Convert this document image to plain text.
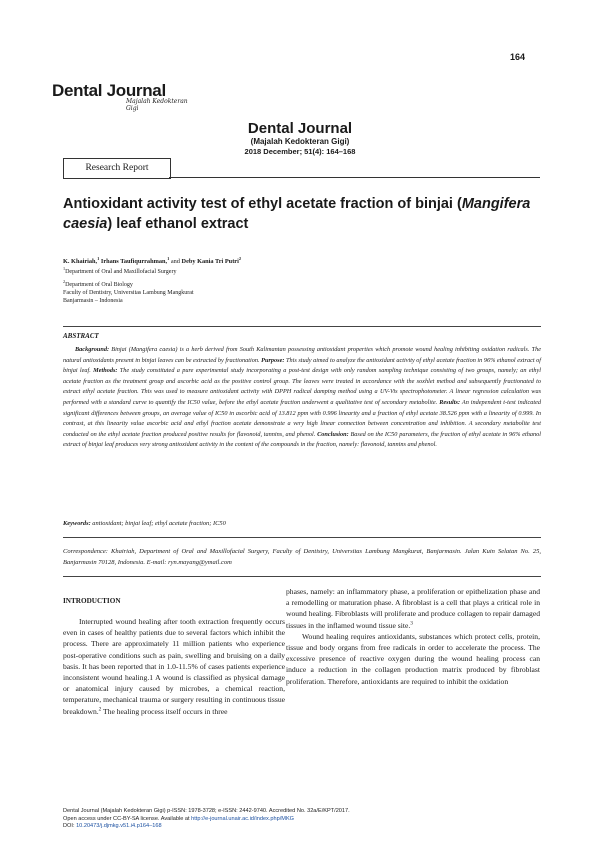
164
Dental Journal
Majalah Kedokteran Gigi
Dental Journal
(Majalah Kedokteran Gigi)
2018 December; 51(4): 164–168
Research Report
Antioxidant activity test of ethyl acetate fraction of binjai (Mangifera caesia) leaf ethanol extract
K. Khairiah,$^1$ Irhans Taufiqurrahman,$^1$ and Deby Kania Tri Putri$^2$
$^1$Department of Oral and Maxillofacial Surgery
$^2$Department of Oral Biology
Faculty of Dentistry, Universitas Lambung Mangkurat
Banjarmasin – Indonesia
ABSTRACT
Background: Binjai (Mangifera caesia) is a herb derived from South Kalimantan possessing antioxidant properties which promote wound healing inhibiting oxidation radicals. The natural antioxidants present in binjai leaves can be extracted by fractionation. Purpose: This study aimed to analyze the antioxidant activity of ethyl acetate fraction in 96% ethanol extract of binjai leaf. Methods: The study constituted a pure experimental study incorporating a post-test design with only random sampling technique consisting of two groups, namely; an ethyl acetate fraction as the treatment group and ascorbic acid as the positive control group. The leaves were treated in accordance with the soxhlet method and subsequently fractionated to extract ethyl acetate fraction. This was used to measure antioxidant activity with DPPH radical damping method using a UV-Vis spectrophotometer. A linear regression calculation was performed with a standard curve to quantify the IC50 value, before the ethyl acetate fraction underwent a qualitative test of secondary metabolite. Results: An independent t-test indicated significant differences between groups, an average value of IC50 in ascorbic acid of 13.812 ppm with 0.996 linearity and a fraction of ethyl acetate 38.526 ppm with a linearity of 0.999. In contrast, at this linearity value ascorbic acid and ethyl fraction acetate demonstrate a very high linear connection between concentration and inhibition. A secondary metabolite test conducted on the ethyl acetate fraction produced positive results for flavonoid, tannins, and phenol. Conclusion: Based on the IC50 parameters, the fraction of ethyl acetate in 96% ethanol extract of binjai leaf produces very strong antioxidant activity in the content of the compounds in the fraction, namely: flavonoid, tannins and phenol.
Keywords: antioxidant; binjai leaf; ethyl acetate fraction; IC50
Correspondence: Khairiah, Department of Oral and Maxillofacial Surgery, Faculty of Dentistry, Universitas Lambung Mangkurat, Banjarmasin. Jalan Kuin Selatan No. 25, Banjarmasin 70128, Indonesia. E-mail: ryn.mayang@ymail.com
INTRODUCTION

Interrupted wound healing after tooth extraction frequently occurs even in cases of healthy patients due to several factors which inhibit the process. There are approximately 11 million patients who experience post-operative conditions such as pain, swelling and bruising on a daily basis. It has been reported that in 1.0-11.5% of cases patients experience inconsistent wound healing.1 A wound is classified as physical damage or anatomical injury caused by microbes, a chemical reaction, temperature, mechanical trauma or surgery resulting in continuous tissue breakdown.$^2$ The healing process itself occurs in three

phases, namely: an inflammatory phase, a proliferation or epithelization phase and a remodelling or maturation phase. A fibroblast is a cell that plays a critical role in wound healing. Fibroblasts will proliferate and produce collagen to repair damaged tissues in the inflamed wound tissue site.$^3$

Wound healing requires antioxidants, substances which protect cells, protein, tissue and body organs from free radicals in order to accelerate the process. The excessive presence of reactive oxygen during the wound healing process can induce a reduction in the collagen production matrix produced by fibroblast proliferation. Therefore, antioxidants are required to inhibit the oxidation

Dental Journal (Majalah Kedokteran Gigi) p-ISSN: 1978-3728; e-ISSN: 2442-9740. Accredited No. 32a/E/KPT/2017.
Open access under CC-BY-SA license. Available at http://e-journal.unair.ac.id/index.php/MKG
DOI: 10.20473/j.djmkg.v51.i4.p164–168
